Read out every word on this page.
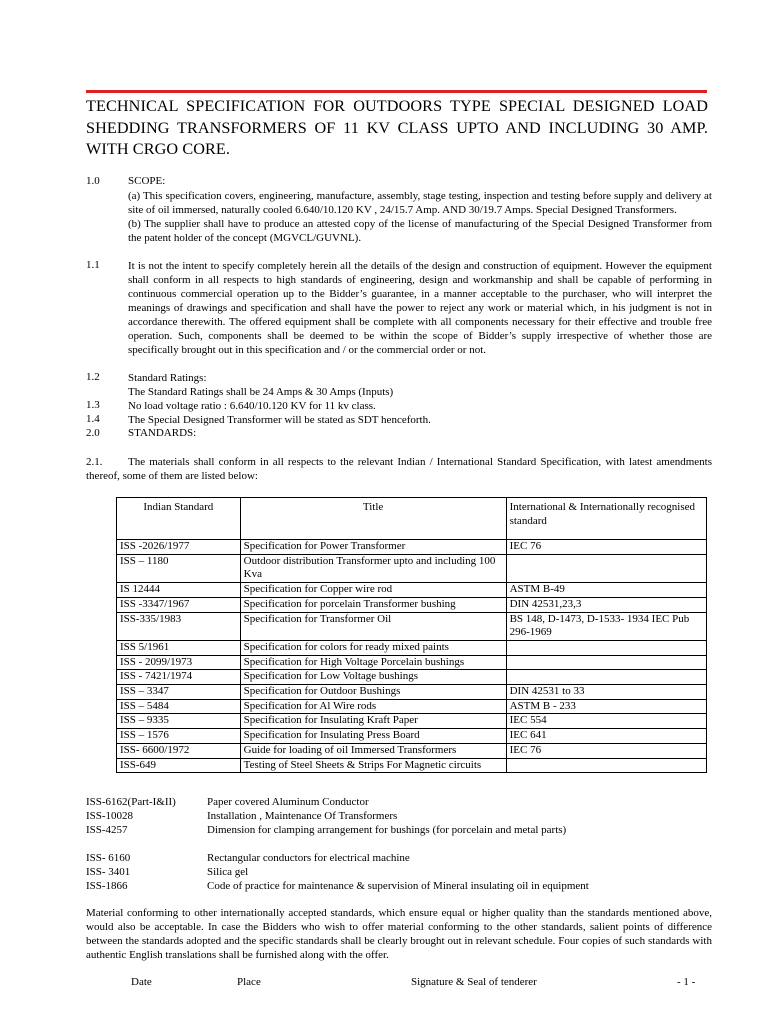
TECHNICAL SPECIFICATION FOR OUTDOORS TYPE SPECIAL DESIGNED LOAD SHEDDING TRANSFORMERS OF 11 KV CLASS UPTO AND INCLUDING 30 AMP. WITH CRGO CORE.
1.0	SCOPE:

(a) This specification covers, engineering, manufacture, assembly, stage testing, inspection and testing before supply and delivery at site of oil immersed, naturally cooled 6.640/10.120 KV , 24/15.7 Amp. AND 30/19.7 Amps. Special Designed Transformers.

(b) The supplier shall have to produce an attested copy of the license of manufacturing of the Special Designed Transformer from the patent holder of the concept (MGVCL/GUVNL).

1.1	It is not the intent to specify completely herein all the details of the design and construction of equipment. However the equipment shall conform in all respects to high standards of engineering, design and workmanship and shall be capable of performing in continuous commercial operation up to the Bidder’s guarantee, in a manner acceptable to the purchaser, who will interpret the meanings of drawings and specification and shall have the power to reject any work or material which, in his judgment is not in accordance therewith. The offered equipment shall be complete with all components necessary for their effective and trouble free operation. Such, components shall be deemed to be within the scope of Bidder’s supply irrespective of whether those are specifically brought out in this specification and / or the commercial order or not.
1.2	Standard Ratings:
The Standard Ratings shall be 24 Amps & 30 Amps (Inputs)
1.3	No load voltage ratio : 6.640/10.120 KV for 11 kv class.
1.4	The Special Designed Transformer will be stated as SDT henceforth.
2.0	STANDARDS:
2.1. The materials shall conform in all respects to the relevant Indian / International Standard Specification, with latest amendments thereof, some of them are listed below:
Indian Standard	Title	International & Internationally recognised standard
ISS -2026/1977	Specification for Power Transformer	IEC 76
ISS – 1180	Outdoor distribution Transformer upto and including 100 Kva	
IS 12444	Specification for Copper wire rod	ASTM B-49
ISS -3347/1967	Specification for porcelain Transformer bushing	DIN 42531,23,3
ISS-335/1983	Specification for Transformer Oil	BS 148, D-1473, D-1533- 1934 IEC Pub 296-1969
ISS 5/1961	Specification for colors for ready mixed paints	
ISS - 2099/1973	Specification for High Voltage Porcelain bushings	
ISS - 7421/1974	Specification for Low Voltage bushings	
ISS – 3347	Specification for Outdoor Bushings	DIN 42531 to 33
ISS – 5484	Specification for Al Wire rods	ASTM B - 233
ISS – 9335	Specification for Insulating Kraft Paper	IEC 554
ISS – 1576	Specification for Insulating Press Board	IEC 641
ISS- 6600/1972	Guide for loading of oil Immersed Transformers	IEC 76
ISS-649	Testing of Steel Sheets & Strips For Magnetic circuits	
ISS-6162(Part-I&II)	Paper covered Aluminum Conductor
ISS-10028	Installation , Maintenance Of Transformers
ISS-4257	Dimension for clamping arrangement for bushings (for porcelain and metal parts)
ISS- 6160	Rectangular conductors for electrical machine
ISS- 3401	Silica gel
ISS-1866	Code of practice for maintenance & supervision of Mineral insulating oil in equipment
Material conforming to other internationally accepted standards, which ensure equal or higher quality than the standards mentioned above, would also be acceptable. In case the Bidders who wish to offer material conforming to the other standards, salient points of difference between the standards adopted and the specific standards shall be clearly brought out in relevant schedule. Four copies of such standards with authentic English translations shall be furnished along with the offer.
Date	Place	Signature & Seal of tenderer	- 1 -
